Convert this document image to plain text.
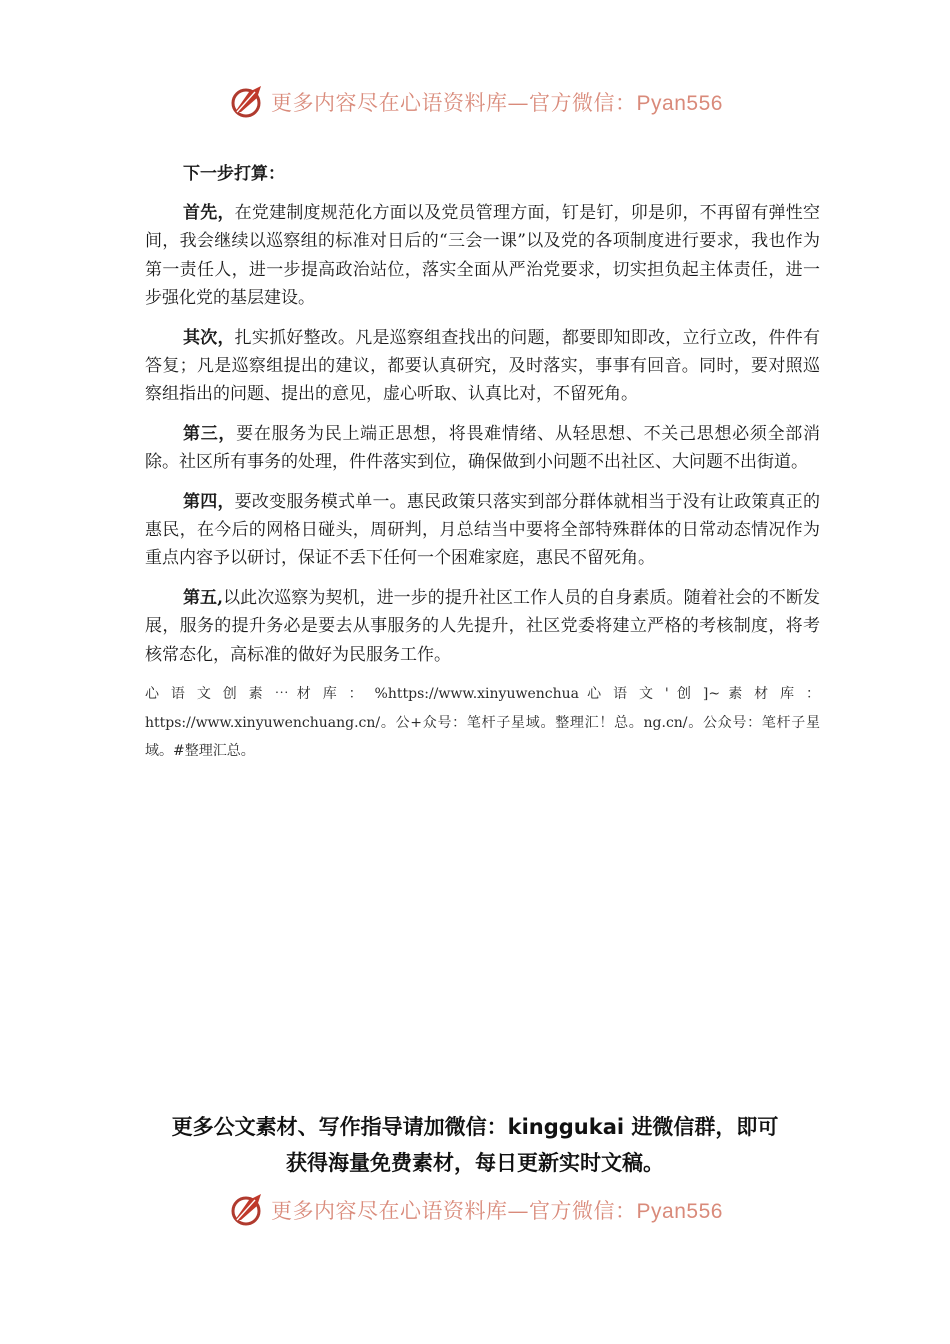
更多内容尽在心语资料库—官方微信：Pyan556

下一步打算：

首先，在党建制度规范化方面以及党员管理方面，钉是钉，卯是卯，不再留有弹性空间，我会继续以巡察组的标准对日后的“三会一课”以及党的各项制度进行要求，我也作为第一责任人，进一步提高政治站位，落实全面从严治党要求，切实担负起主体责任，进一步强化党的基层建设。

其次，扎实抓好整改。凡是巡察组查找出的问题，都要即知即改，立行立改，件件有答复；凡是巡察组提出的建议，都要认真研究，及时落实，事事有回音。同时，要对照巡察组指出的问题、提出的意见，虚心听取、认真比对，不留死角。

第三，要在服务为民上端正思想，将畏难情绪、从轻思想、不关己思想必须全部消除。社区所有事务的处理，件件落实到位，确保做到小问题不出社区、大问题不出街道。

第四，要改变服务模式单一。惠民政策只落实到部分群体就相当于没有让政策真正的惠民，在今后的网格日碰头，周研判，月总结当中要将全部特殊群体的日常动态情况作为重点内容予以研讨，保证不丢下任何一个困难家庭，惠民不留死角。

第五,以此次巡察为契机，进一步的提升社区工作人员的自身素质。随着社会的不断发展，服务的提升务必是要去从事服务的人先提升，社区党委将建立严格的考核制度，将考核常态化，高标准的做好为民服务工作。

心 语 文 创 素 ⋯ 材 库 ： %https://www.xinyuwenchua 心 语 文 ' 创 ]~ 素 材 库 ： https://www.xinyuwenchuang.cn/。公+众号：笔杆子星域。整理汇！总。ng.cn/。公众号：笔杆子星域。#整理汇总。

更多公文素材、写作指导请加微信：kinggukai 进微信群，即可
获得海量免费素材，每日更新实时文稿。
更多内容尽在心语资料库—官方微信：Pyan556
